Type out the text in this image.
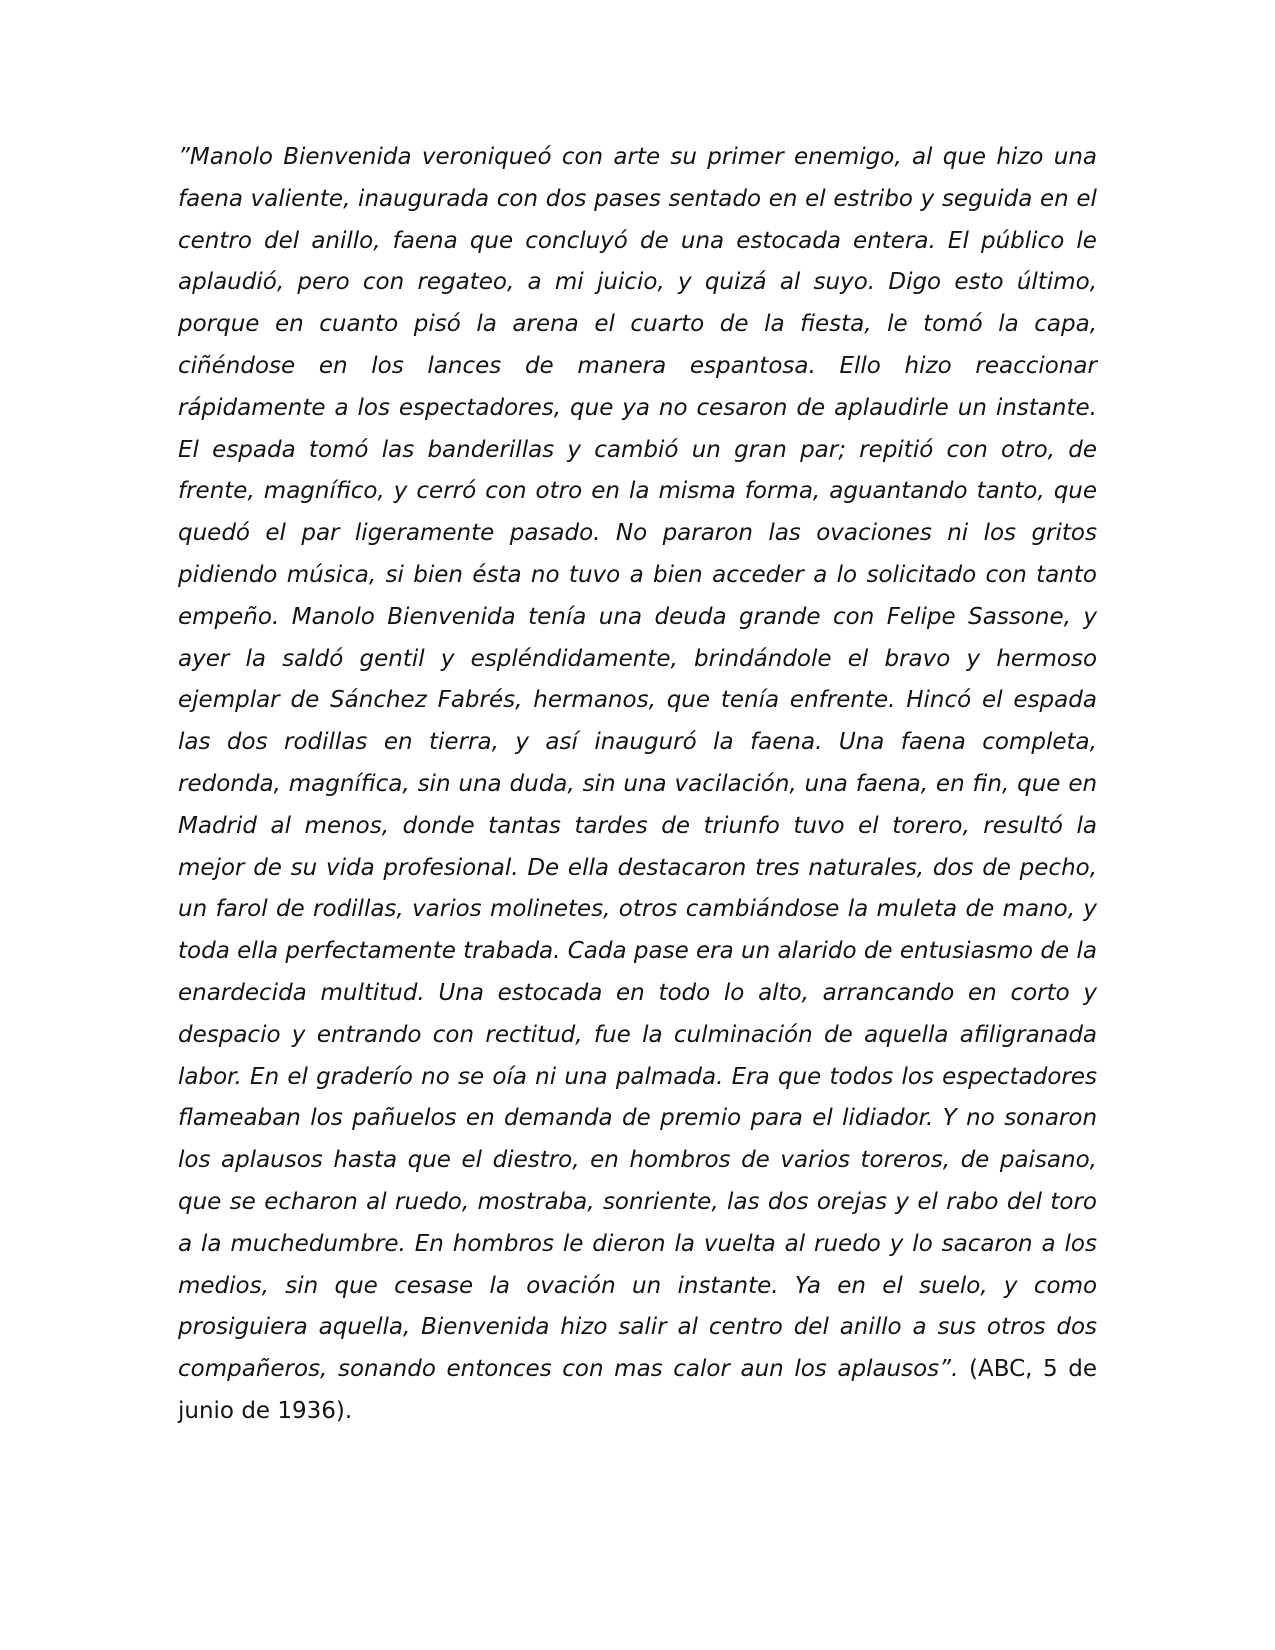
”Manolo Bienvenida veroniqueó con arte su primer enemigo, al que hizo una
faena valiente, inaugurada con dos pases sentado en el estribo y seguida en el
centro del anillo, faena que concluyó de una estocada entera. El público le
aplaudió, pero con regateo, a mi juicio, y quizá al suyo. Digo esto último,
porque en cuanto pisó la arena el cuarto de la fiesta, le tomó la capa,
ciñéndose en los lances de manera espantosa. Ello hizo reaccionar
rápidamente a los espectadores, que ya no cesaron de aplaudirle un instante.
El espada tomó las banderillas y cambió un gran par; repitió con otro, de
frente, magnífico, y cerró con otro en la misma forma, aguantando tanto, que
quedó el par ligeramente pasado. No pararon las ovaciones ni los gritos
pidiendo música, si bien ésta no tuvo a bien acceder a lo solicitado con tanto
empeño. Manolo Bienvenida tenía una deuda grande con Felipe Sassone, y
ayer la saldó gentil y espléndidamente, brindándole el bravo y hermoso
ejemplar de Sánchez Fabrés, hermanos, que tenía enfrente. Hincó el espada
las dos rodillas en tierra, y así inauguró la faena. Una faena completa,
redonda, magnífica, sin una duda, sin una vacilación, una faena, en fin, que en
Madrid al menos, donde tantas tardes de triunfo tuvo el torero, resultó la
mejor de su vida profesional. De ella destacaron tres naturales, dos de pecho,
un farol de rodillas, varios molinetes, otros cambiándose la muleta de mano, y
toda ella perfectamente trabada. Cada pase era un alarido de entusiasmo de la
enardecida multitud. Una estocada en todo lo alto, arrancando en corto y
despacio y entrando con rectitud, fue la culminación de aquella afiligranada
labor. En el graderío no se oía ni una palmada. Era que todos los espectadores
flameaban los pañuelos en demanda de premio para el lidiador. Y no sonaron
los aplausos hasta que el diestro, en hombros de varios toreros, de paisano,
que se echaron al ruedo, mostraba, sonriente, las dos orejas y el rabo del toro
a la muchedumbre. En hombros le dieron la vuelta al ruedo y lo sacaron a los
medios, sin que cesase la ovación un instante. Ya en el suelo, y como
prosiguiera aquella, Bienvenida hizo salir al centro del anillo a sus otros dos
compañeros, sonando entonces con mas calor aun los aplausos”. (ABC, 5 de
junio de 1936).
